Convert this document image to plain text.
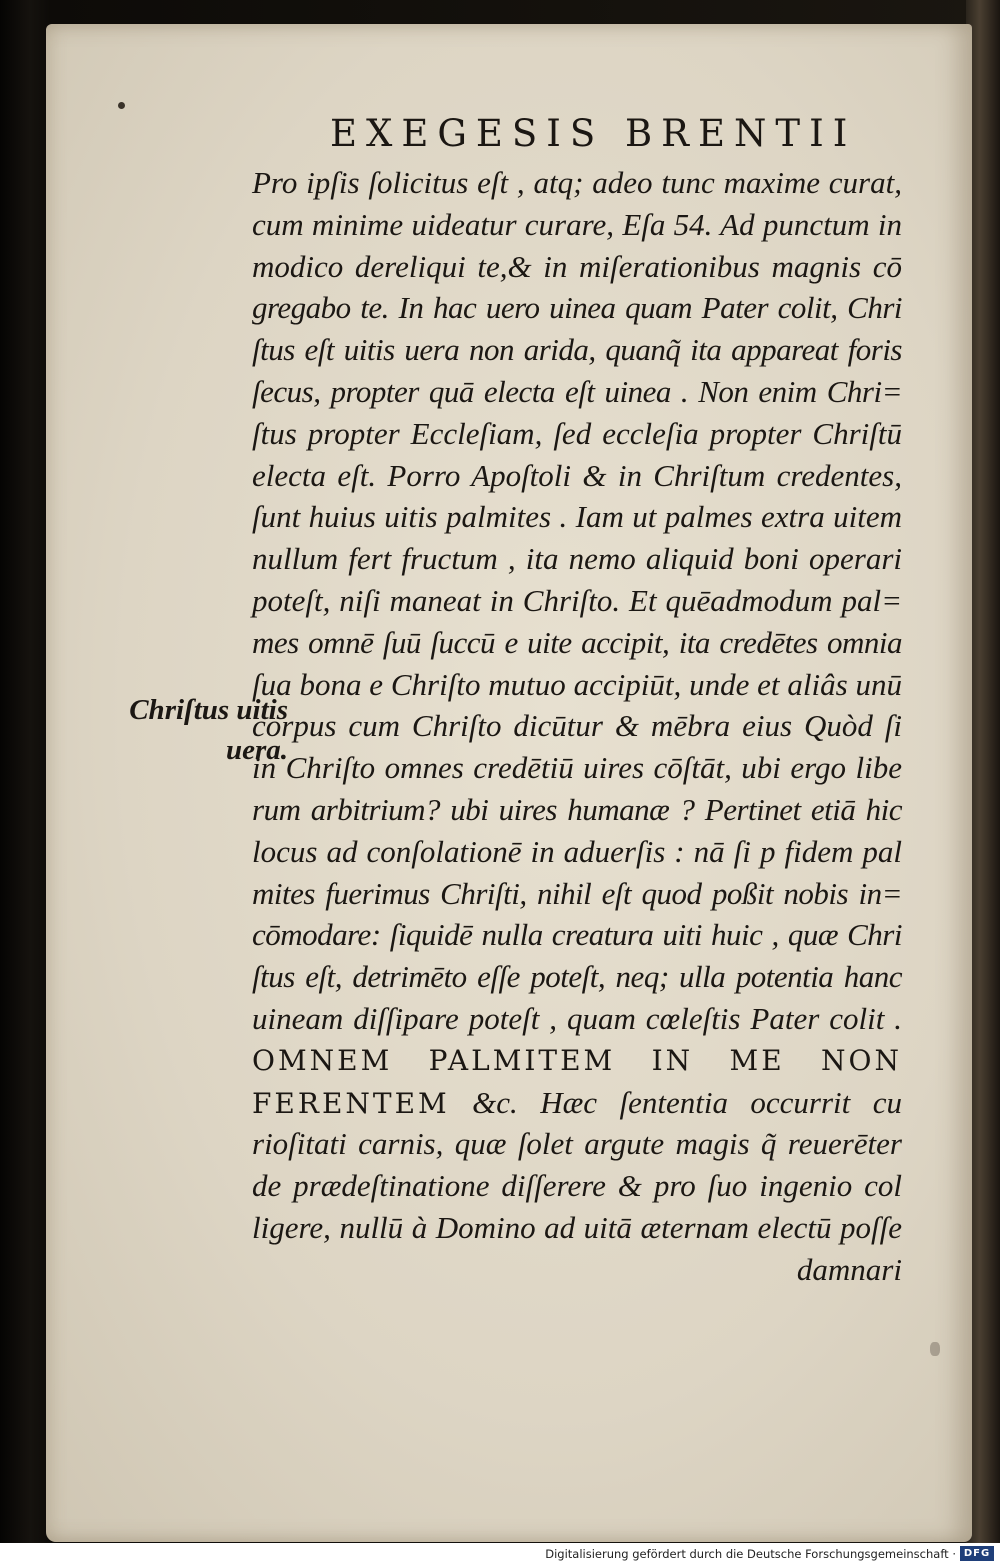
EXEGESIS BRENTII
Chriſtus uitis uera.
Pro ipſis ſolicitus eſt , atq; adeo tunc maxime curat,
cum minime uideatur curare, Eſa 54. Ad punctum in
modico dereliqui te,& in miſerationibus magnis cō
gregabo te. In hac uero uinea quam Pater colit, Chri
ſtus eſt uitis uera non arida, quanq̃ ita appareat foris
ſecus, propter quā electa eſt uinea . Non enim Chri=
ſtus propter Eccleſiam, ſed eccleſia propter Chriſtū
electa eſt. Porro Apoſtoli & in Chriſtum credentes,
ſunt huius uitis palmites . Iam ut palmes extra uitem
nullum fert fructum , ita nemo aliquid boni operari
poteſt, niſi maneat in Chriſto. Et quēadmodum pal=
mes omnē ſuū ſuccū e uite accipit, ita credētes omnia
ſua bona e Chriſto mutuo accipiūt, unde et aliâs unū
corpus cum Chriſto dicūtur & mēbra eius Quòd ſi
in Chriſto omnes credētiū uires cōſtāt, ubi ergo libe
rum arbitrium? ubi uires humanæ ? Pertinet etiā hic
locus ad conſolationē in aduerſis : nā ſi p fidem pal
mites fuerimus Chriſti, nihil eſt quod poßit nobis in=
cōmodare: ſiquidē nulla creatura uiti huic , quæ Chri
ſtus eſt, detrimēto eſſe poteſt, neq; ulla potentia hanc
uineam diſſipare poteſt , quam cœleſtis Pater colit .
OMNEM PALMITEM IN ME NON
FERENTEM &c. Hæc ſententia occurrit cu
rioſitati carnis, quæ ſolet argute magis q̃ reuerēter
de prædeſtinatione diſſerere & pro ſuo ingenio col
ligere, nullū à Domino ad uitā æternam electū poſſe
damnari
Digitalisierung gefördert durch die Deutsche Forschungsgemeinschaft · DFG
